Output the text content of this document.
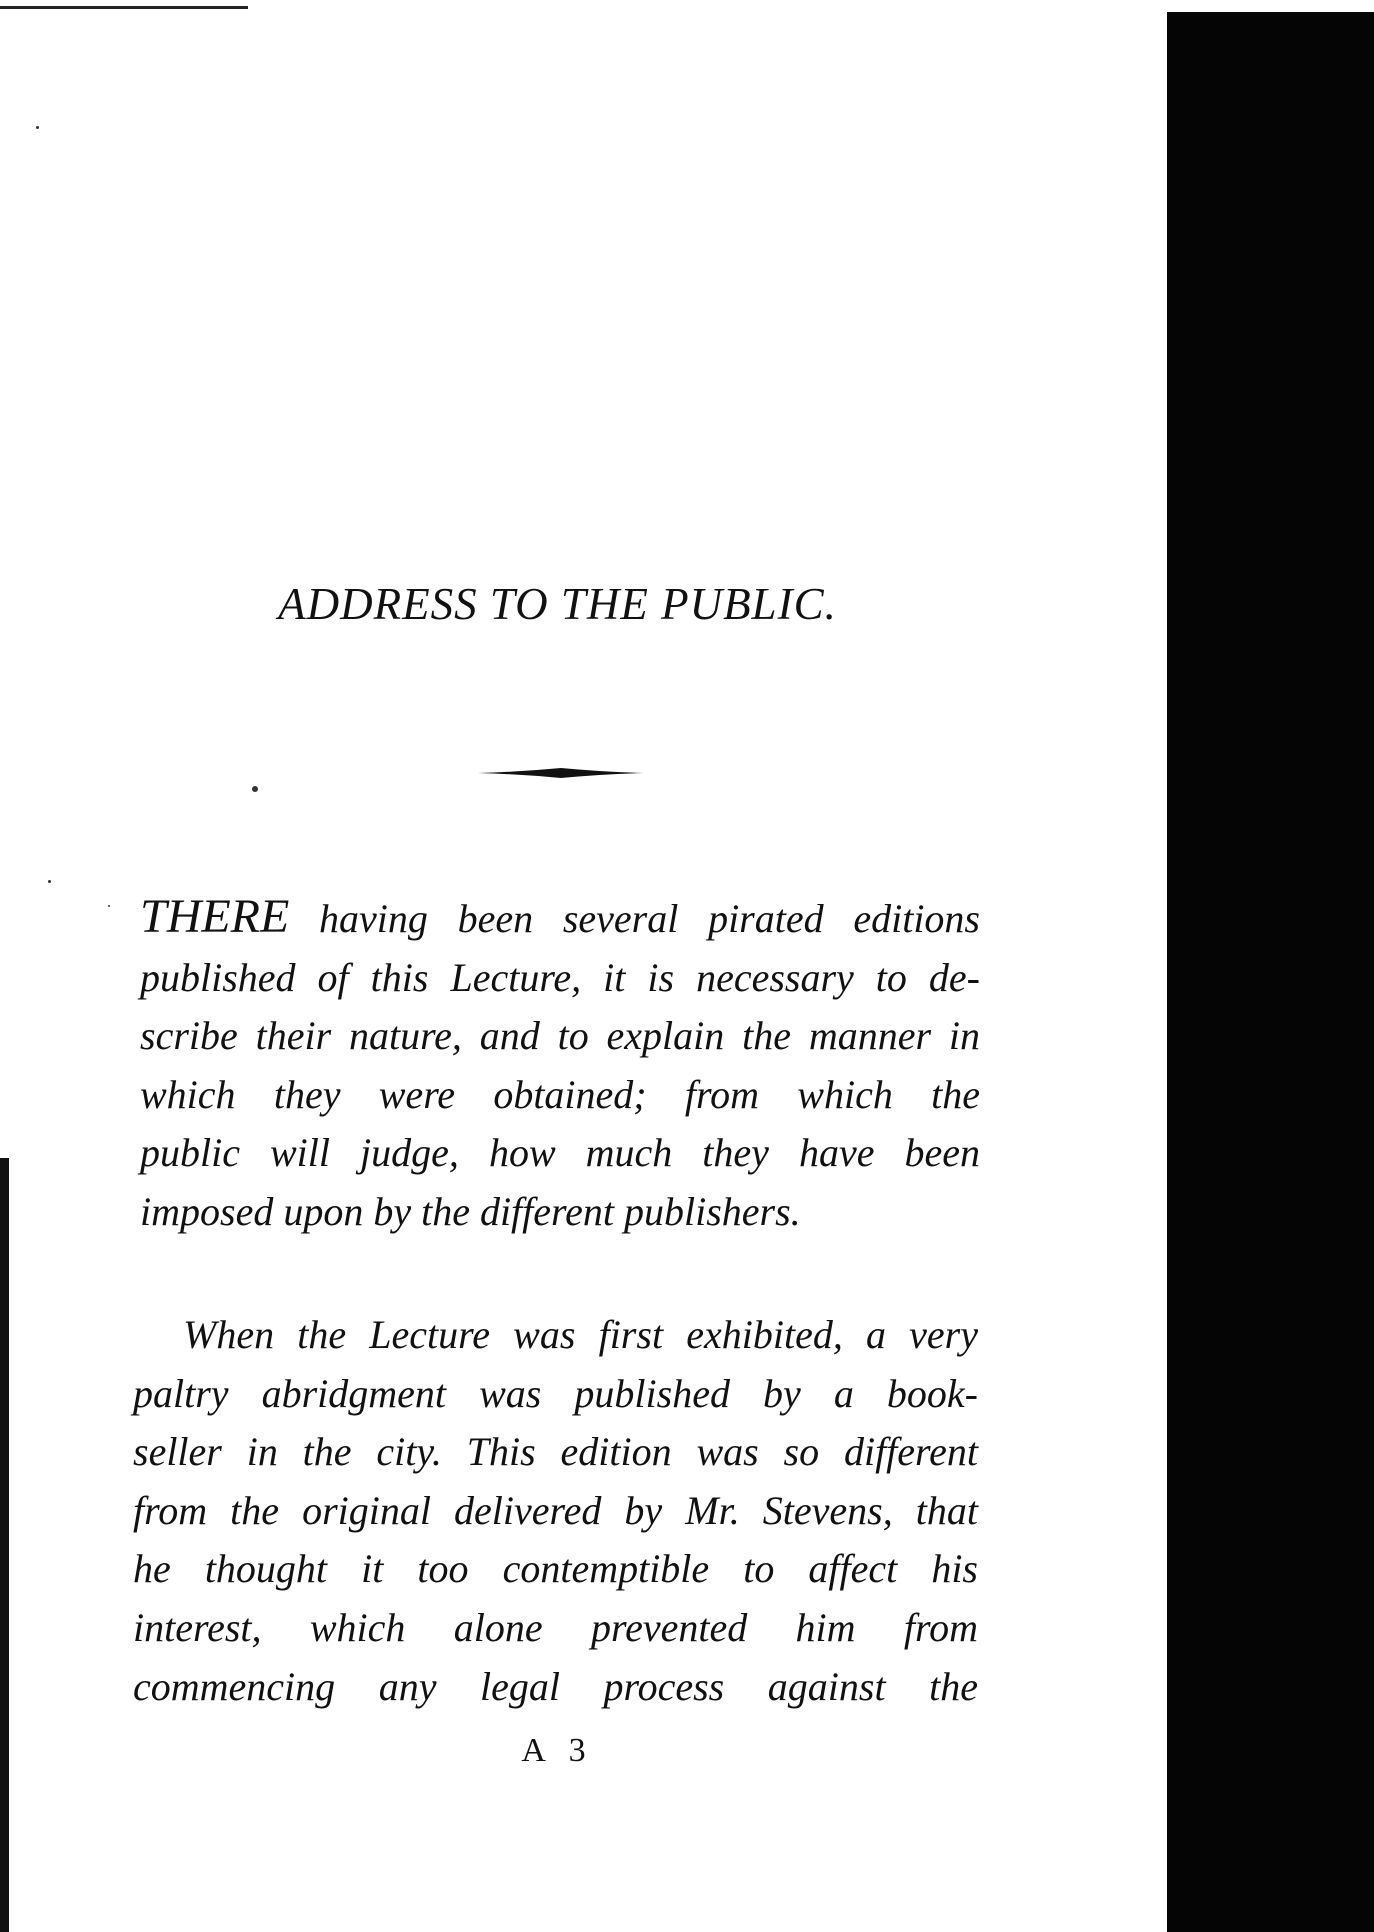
ADDRESS TO THE PUBLIC.
THERE having been several pirated editions
published of this Lecture, it is necessary to de-
scribe their nature, and to explain the manner in
which they were obtained; from which the
public will judge, how much they have been
imposed upon by the different publishers.
When the Lecture was first exhibited, a very
paltry abridgment was published by a book-
seller in the city. This edition was so different
from the original delivered by Mr. Stevens, that
he thought it too contemptible to affect his
interest, which alone prevented him from
commencing any legal process against the
A 3
